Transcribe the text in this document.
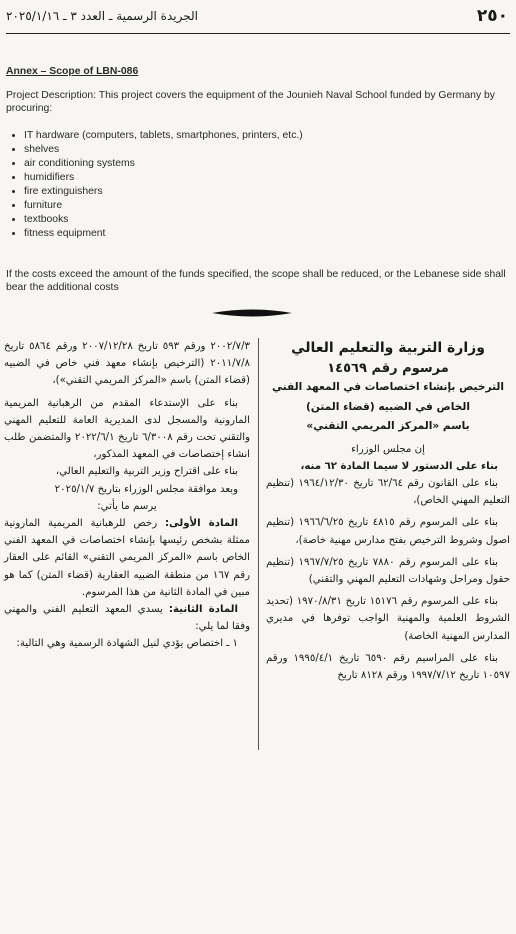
٢٥٠
الجريدة الرسمية ـ العدد ٣ ـ ٢٠٢٥/١/١٦
Annex – Scope of LBN-086

Project Description: This project covers the equipment of the Jounieh Naval School funded by Germany by procuring:

• IT hardware (computers, tablets, smartphones, printers, etc.)
• shelves
• air conditioning systems
• humidifiers
• fire extinguishers
• furniture
• textbooks
• fitness equipment

If the costs exceed the amount of the funds specified, the scope shall be reduced, or the Lebanese side shall bear the additional costs

وزارة التربية والتعليم العالي

مرسوم رقم ١٤٥٦٩

الترخيص بإنشاء اختصاصات في المعهد الفني

الخاص في الضبيه (قضاء المتن)

باسم «المركز المريمي التقني»

إن مجلس الوزراء

بناء على الدستور لا سيما المادة ٦٢ منه،

بناء على القانون رقم ٦٢/٦٤ تاريخ ١٩٦٤/١٢/٣٠ (تنظيم التعليم المهني الخاص)،

بناء على المرسوم رقم ٤٨١٥ تاريخ ١٩٦٦/٦/٢٥ (تنظيم اصول وشروط الترخيص بفتح مدارس مهنية خاصة)،

بناء على المرسوم رقم ٧٨٨٠ تاريخ ١٩٦٧/٧/٢٥ (تنظيم حقول ومراحل وشهادات التعليم المهني والتقني)

بناء على المرسوم رقم ١٥١٧٦ تاريخ ١٩٧٠/٨/٣١ (تحديد الشروط العلمية والمهنية الواجب توفرها في مديري المدارس المهنية الخاصة)

بناء على المراسيم رقم ٦٥٩٠ تاريخ ١٩٩٥/٤/١ ورقم ١٠٥٩٧ تاريخ ١٩٩٧/٧/١٢ ورقم ٨١٢٨ تاريخ

٢٠٠٢/٧/٣ ورقم ٥٩٣ تاريخ ٢٠٠٧/١٢/٢٨ ورقم ٥٨٦٤ تاريخ ٢٠١١/٧/٨ (الترخيص بإنشاء معهد فني خاص في الضبيه (قضاء المتن) باسم «المركز المريمي التقني»)،

بناء على الإستدعاء المقدم من الرهبانية المريمية المارونية والمسجل لدى المديرية العامة للتعليم المهني والتقني تحت رقم ٦/٣٠٠٨ تاريخ ٢٠٢٢/٦/١ والمتضمن طلب انشاء إختصاصات في المعهد المذكور،

بناء على اقتراح وزير التربية والتعليم العالي،

وبعد موافقة مجلس الوزراء بتاريخ ٢٠٢٥/١/٧

يرسم ما يأتي:

المادة الأولى: رخص للرهبانية المريمية المارونية ممثلة بشخص رئيسها بإنشاء اختصاصات في المعهد الفني الخاص باسم «المركز المريمي التقني» القائم على العقار رقم ١٦٧ من منطقة الضبيه العقارية (قضاء المتن) كما هو مبين في المادة الثانية من هذا المرسوم.

المادة الثانية: يسدي المعهد التعليم الفني والمهني وفقا لما يلي:

١ ـ اختصاص يؤدي لنيل الشهادة الرسمية وهي التالية:
